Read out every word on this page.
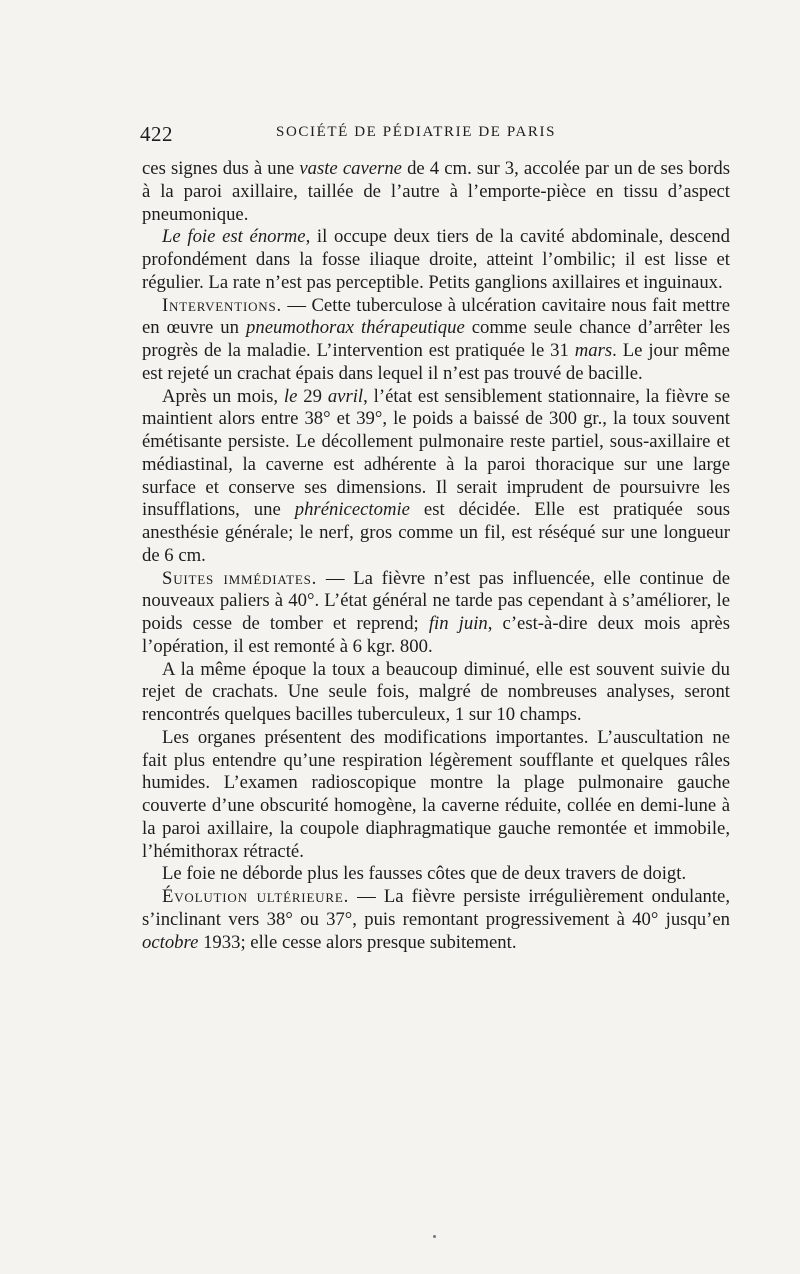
422	SOCIÉTÉ DE PÉDIATRIE DE PARIS

ces signes dus à une vaste caverne de 4 cm. sur 3, accolée par un de ses bords à la paroi axillaire, taillée de l’autre à l’emporte-pièce en tissu d’aspect pneumonique.

Le foie est énorme, il occupe deux tiers de la cavité abdominale, descend profondément dans la fosse iliaque droite, atteint l’ombilic; il est lisse et régulier. La rate n’est pas perceptible. Petits ganglions axillaires et inguinaux.

Interventions. — Cette tuberculose à ulcération cavitaire nous fait mettre en œuvre un pneumothorax thérapeutique comme seule chance d’arrêter les progrès de la maladie. L’intervention est pratiquée le 31 mars. Le jour même est rejeté un crachat épais dans lequel il n’est pas trouvé de bacille.

Après un mois, le 29 avril, l’état est sensiblement stationnaire, la fièvre se maintient alors entre 38° et 39°, le poids a baissé de 300 gr., la toux souvent émétisante persiste. Le décollement pulmonaire reste partiel, sous-axillaire et médiastinal, la caverne est adhérente à la paroi thoracique sur une large surface et conserve ses dimensions. Il serait imprudent de poursuivre les insufflations, une phrénicectomie est décidée. Elle est pratiquée sous anesthésie générale; le nerf, gros comme un fil, est réséqué sur une longueur de 6 cm.

Suites immédiates. — La fièvre n’est pas influencée, elle continue de nouveaux paliers à 40°. L’état général ne tarde pas cependant à s’améliorer, le poids cesse de tomber et reprend; fin juin, c’est-à-dire deux mois après l’opération, il est remonté à 6 kgr. 800.

A la même époque la toux a beaucoup diminué, elle est souvent suivie du rejet de crachats. Une seule fois, malgré de nombreuses analyses, seront rencontrés quelques bacilles tuberculeux, 1 sur 10 champs.

Les organes présentent des modifications importantes. L’auscultation ne fait plus entendre qu’une respiration légèrement soufflante et quelques râles humides. L’examen radioscopique montre la plage pulmonaire gauche couverte d’une obscurité homogène, la caverne réduite, collée en demi-lune à la paroi axillaire, la coupole diaphragmatique gauche remontée et immobile, l’hémithorax rétracté.

Le foie ne déborde plus les fausses côtes que de deux travers de doigt.

Évolution ultérieure. — La fièvre persiste irrégulièrement ondulante, s’inclinant vers 38° ou 37°, puis remontant progressivement à 40° jusqu’en octobre 1933; elle cesse alors presque subitement.
